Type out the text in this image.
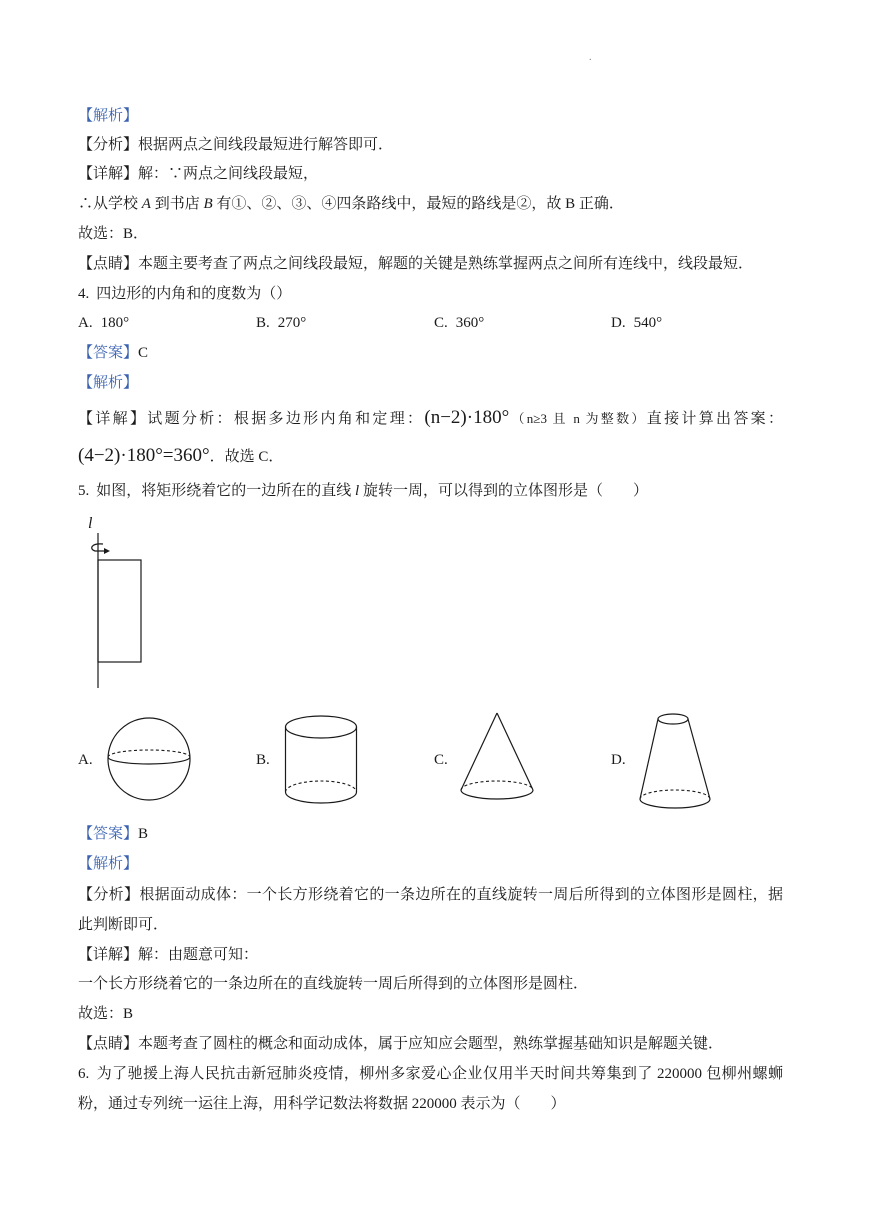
.
【解析】
【分析】根据两点之间线段最短进行解答即可．
【详解】解：∵两点之间线段最短，
∴从学校 A 到书店 B 有①、②、③、④四条路线中，最短的路线是②，故 B 正确．
故选：B．
【点睛】本题主要考查了两点之间线段最短，解题的关键是熟练掌握两点之间所有连线中，线段最短．
4. 四边形的内角和的度数为（）
A. 180°	B. 270°	C. 360°	D. 540°
【答案】C
【解析】
【详解】试题分析：根据多边形内角和定理：(n−2)·180°（n≥3 且 n 为整数）直接计算出答案：
(4−2)·180°=360°．故选 C．
5. 如图，将矩形绕着它的一边所在的直线 l 旋转一周，可以得到的立体图形是（　　）
l
A.	B.	C.	D.
【答案】B
【解析】
【分析】根据面动成体：一个长方形绕着它的一条边所在的直线旋转一周后所得到的立体图形是圆柱，据
此判断即可．
【详解】解：由题意可知：
一个长方形绕着它的一条边所在的直线旋转一周后所得到的立体图形是圆柱．
故选：B
【点睛】本题考查了圆柱的概念和面动成体，属于应知应会题型，熟练掌握基础知识是解题关键．
6. 为了驰援上海人民抗击新冠肺炎疫情，柳州多家爱心企业仅用半天时间共筹集到了 220000 包柳州螺蛳
粉，通过专列统一运往上海，用科学记数法将数据 220000 表示为（　　）
